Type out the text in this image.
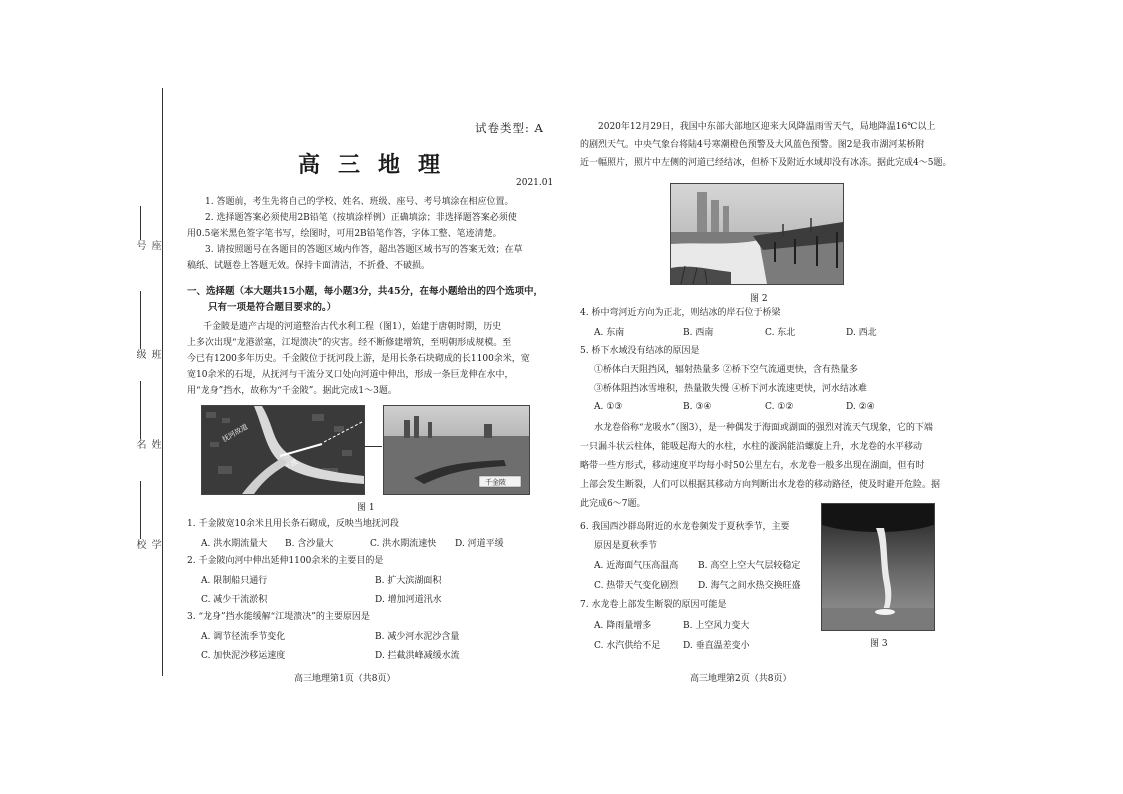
座号
班级
姓名
学校
试卷类型: A
高三地理
2021.01
1. 答题前，考生先将自己的学校、姓名、班级、座号、考号填涂在相应位置。
2. 选择题答案必须使用2B铅笔（按填涂样例）正确填涂；非选择题答案必须使
用0.5毫米黑色签字笔书写，绘图时，可用2B铅笔作答，字体工整、笔迹清楚。
3. 请按照题号在各题目的答题区域内作答，超出答题区域书写的答案无效；在草
稿纸、试题卷上答题无效。保持卡面清洁，不折叠、不破损。
一、选择题（本大题共15小题，每小题3分，共45分，在每小题给出的四个选项中，
只有一项是符合题目要求的。）
千金陂是遗产古堤的河道整治古代水利工程（图1），始建于唐朝时期，历史
上多次出现“龙港淤塞，江堤溃决”的灾害。经不断修建增筑，至明朝形成规模。至
今已有1200多年历史。千金陂位于抚河段上游，是用长条石块砌成的长1100余米，宽
宽10余米的石堤，从抚河与干流分叉口处向河道中伸出，形成一条巨龙伸在水中，
用“龙身”挡水，故称为“千金陂”。据此完成1～3题。
抚河故道
干流
千金陂
图 1
1. 千金陂宽10余米且用长条石砌成，反映当地抚河段
A. 洪水期流量大 B. 含沙量大	C. 洪水期流速快 D. 河道平缓
2. 千金陂向河中伸出延伸1100余米的主要目的是
A. 限制船只通行	B. 扩大滨湖面积
C. 减少干流淤积	D. 增加河道汛水
3. “龙身”挡水能缓解“江堤溃决”的主要原因是
A. 调节径流季节变化	B. 减少河水泥沙含量
C. 加快泥沙移运速度	D. 拦截洪峰减缓水流
高三地理第1页（共8页）
2020年12月29日，我国中东部大部地区迎来大风降温雨雪天气，局地降温16℃以上
的剧烈天气。中央气象台将陆4号寒潮橙色预警及大风蓝色预警。图2是我市湖河某桥附
近一幅照片，照片中左侧的河道已经结冰，但桥下及附近水域却没有冰冻。据此完成4～5题。
图 2
4. 桥中弯河近方向为正北，则结冰的岸石位于桥梁
A. 东南	B. 西南	C. 东北	D. 西北
5. 桥下水域没有结冰的原因是
①桥体白天阻挡风，辐射热量多 ②桥下空气流通更快，含有热量多
③桥体阻挡冰雪堆积，热量散失慢 ④桥下河水流速更快，河水结冰难
A. ①③	B. ③④	C. ①②	D. ②④
水龙卷俗称“龙吸水”（图3），是一种偶发于海面或湖面的强烈对流天气现象，它的下端
一只漏斗状云柱体，能吸起海大的水柱，水柱的漩涡能沿螺旋上升，水龙卷的水平移动
略带一些方形式，移动速度平均每小时50公里左右，水龙卷一般多出现在湖面，但有时
上部会发生断裂，人们可以根据其移动方向判断出水龙卷的移动路径，使及时避开危险。据
此完成6～7题。
6. 我国西沙群岛附近的水龙卷频发于夏秋季节，主要
原因是夏秋季节
A. 近海面气压高温高 B. 高空上空大气层较稳定
C. 热带天气变化剧烈 D. 海气之间水热交换旺盛
7. 水龙卷上部发生断裂的原因可能是
A. 降雨量增多	B. 上空风力变大
C. 水汽供给不足	D. 垂直温差变小	图 3
高三地理第2页（共8页）
